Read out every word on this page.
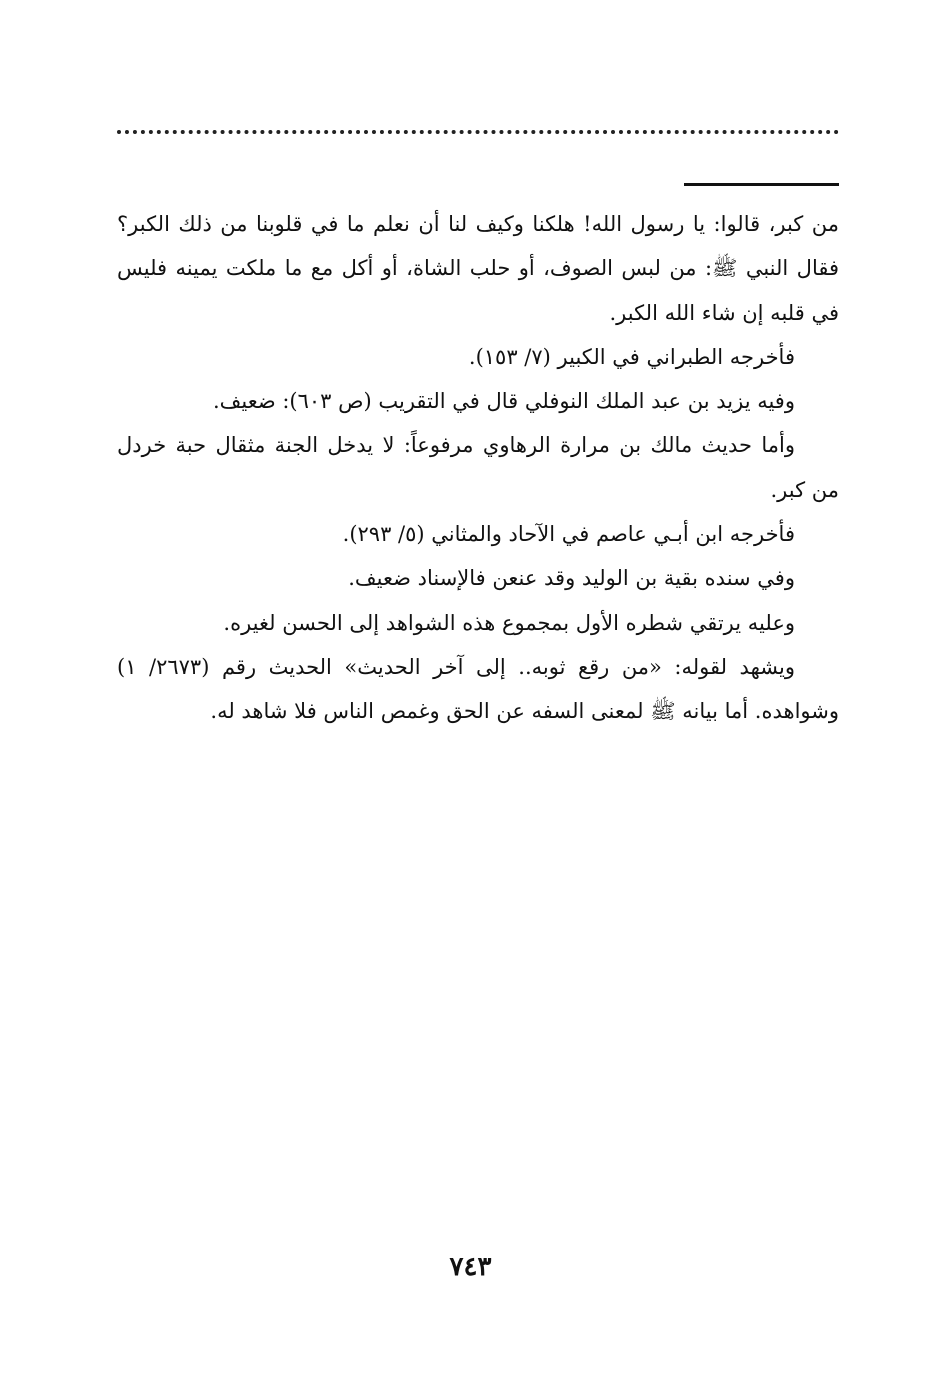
من كبر، قالوا: يا رسول الله! هلكنا وكيف لنا أن نعلم ما في قلوبنا من ذلك الكبر؟ فقال النبي ﷺ: من لبس الصوف، أو حلب الشاة، أو أكل مع ما ملكت يمينه فليس في قلبه إن شاء الله الكبر.

فأخرجه الطبراني في الكبير (٧/ ١٥٣).

وفيه يزيد بن عبد الملك النوفلي قال في التقريب (ص ٦٠٣): ضعيف.

وأما حديث مالك بن مرارة الرهاوي مرفوعاً: لا يدخل الجنة مثقال حبة خردل من كبر.

فأخرجه ابن أبـي عاصم في الآحاد والمثاني (٥/ ٢٩٣).

وفي سنده بقية بن الوليد وقد عنعن فالإسناد ضعيف.

وعليه يرتقي شطره الأول بمجموع هذه الشواهد إلى الحسن لغيره.

ويشهد لقوله: «من رقع ثوبه.. إلى آخر الحديث» الحديث رقم (٢٦٧٣/ ١) وشواهده. أما بيانه ﷺ لمعنى السفه عن الحق وغمص الناس فلا شاهد له.

٧٤٣
